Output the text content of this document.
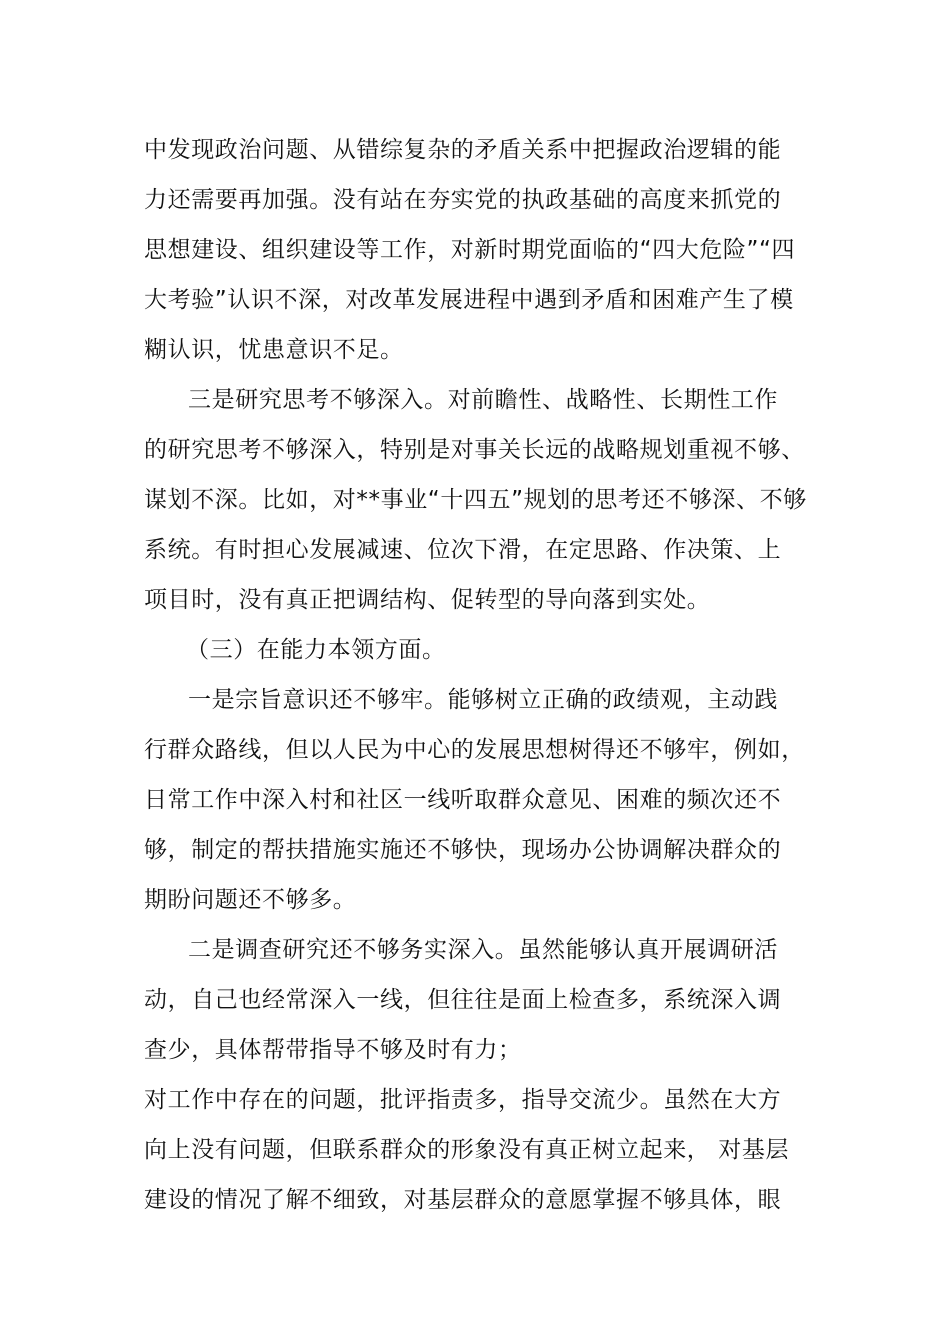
中发现政治问题、从错综复杂的矛盾关系中把握政治逻辑的能
力还需要再加强。没有站在夯实党的执政基础的高度来抓党的
思想建设、组织建设等工作，对新时期党面临的“四大危险”“四
大考验”认识不深，对改革发展进程中遇到矛盾和困难产生了模
糊认识，忧患意识不足。
三是研究思考不够深入。对前瞻性、战略性、长期性工作
的研究思考不够深入，特别是对事关长远的战略规划重视不够、
谋划不深。比如，对**事业“十四五”规划的思考还不够深、不够
系统。有时担心发展减速、位次下滑，在定思路、作决策、上
项目时，没有真正把调结构、促转型的导向落到实处。
（三）在能力本领方面。
一是宗旨意识还不够牢。能够树立正确的政绩观，主动践
行群众路线，但以人民为中心的发展思想树得还不够牢，例如，
日常工作中深入村和社区一线听取群众意见、困难的频次还不
够，制定的帮扶措施实施还不够快，现场办公协调解决群众的
期盼问题还不够多。
二是调查研究还不够务实深入。虽然能够认真开展调研活
动，自己也经常深入一线，但往往是面上检查多，系统深入调
查少，具体帮带指导不够及时有力；
对工作中存在的问题，批评指责多，指导交流少。虽然在大方
向上没有问题，但联系群众的形象没有真正树立起来， 对基层
建设的情况了解不细致，对基层群众的意愿掌握不够具体，眼
